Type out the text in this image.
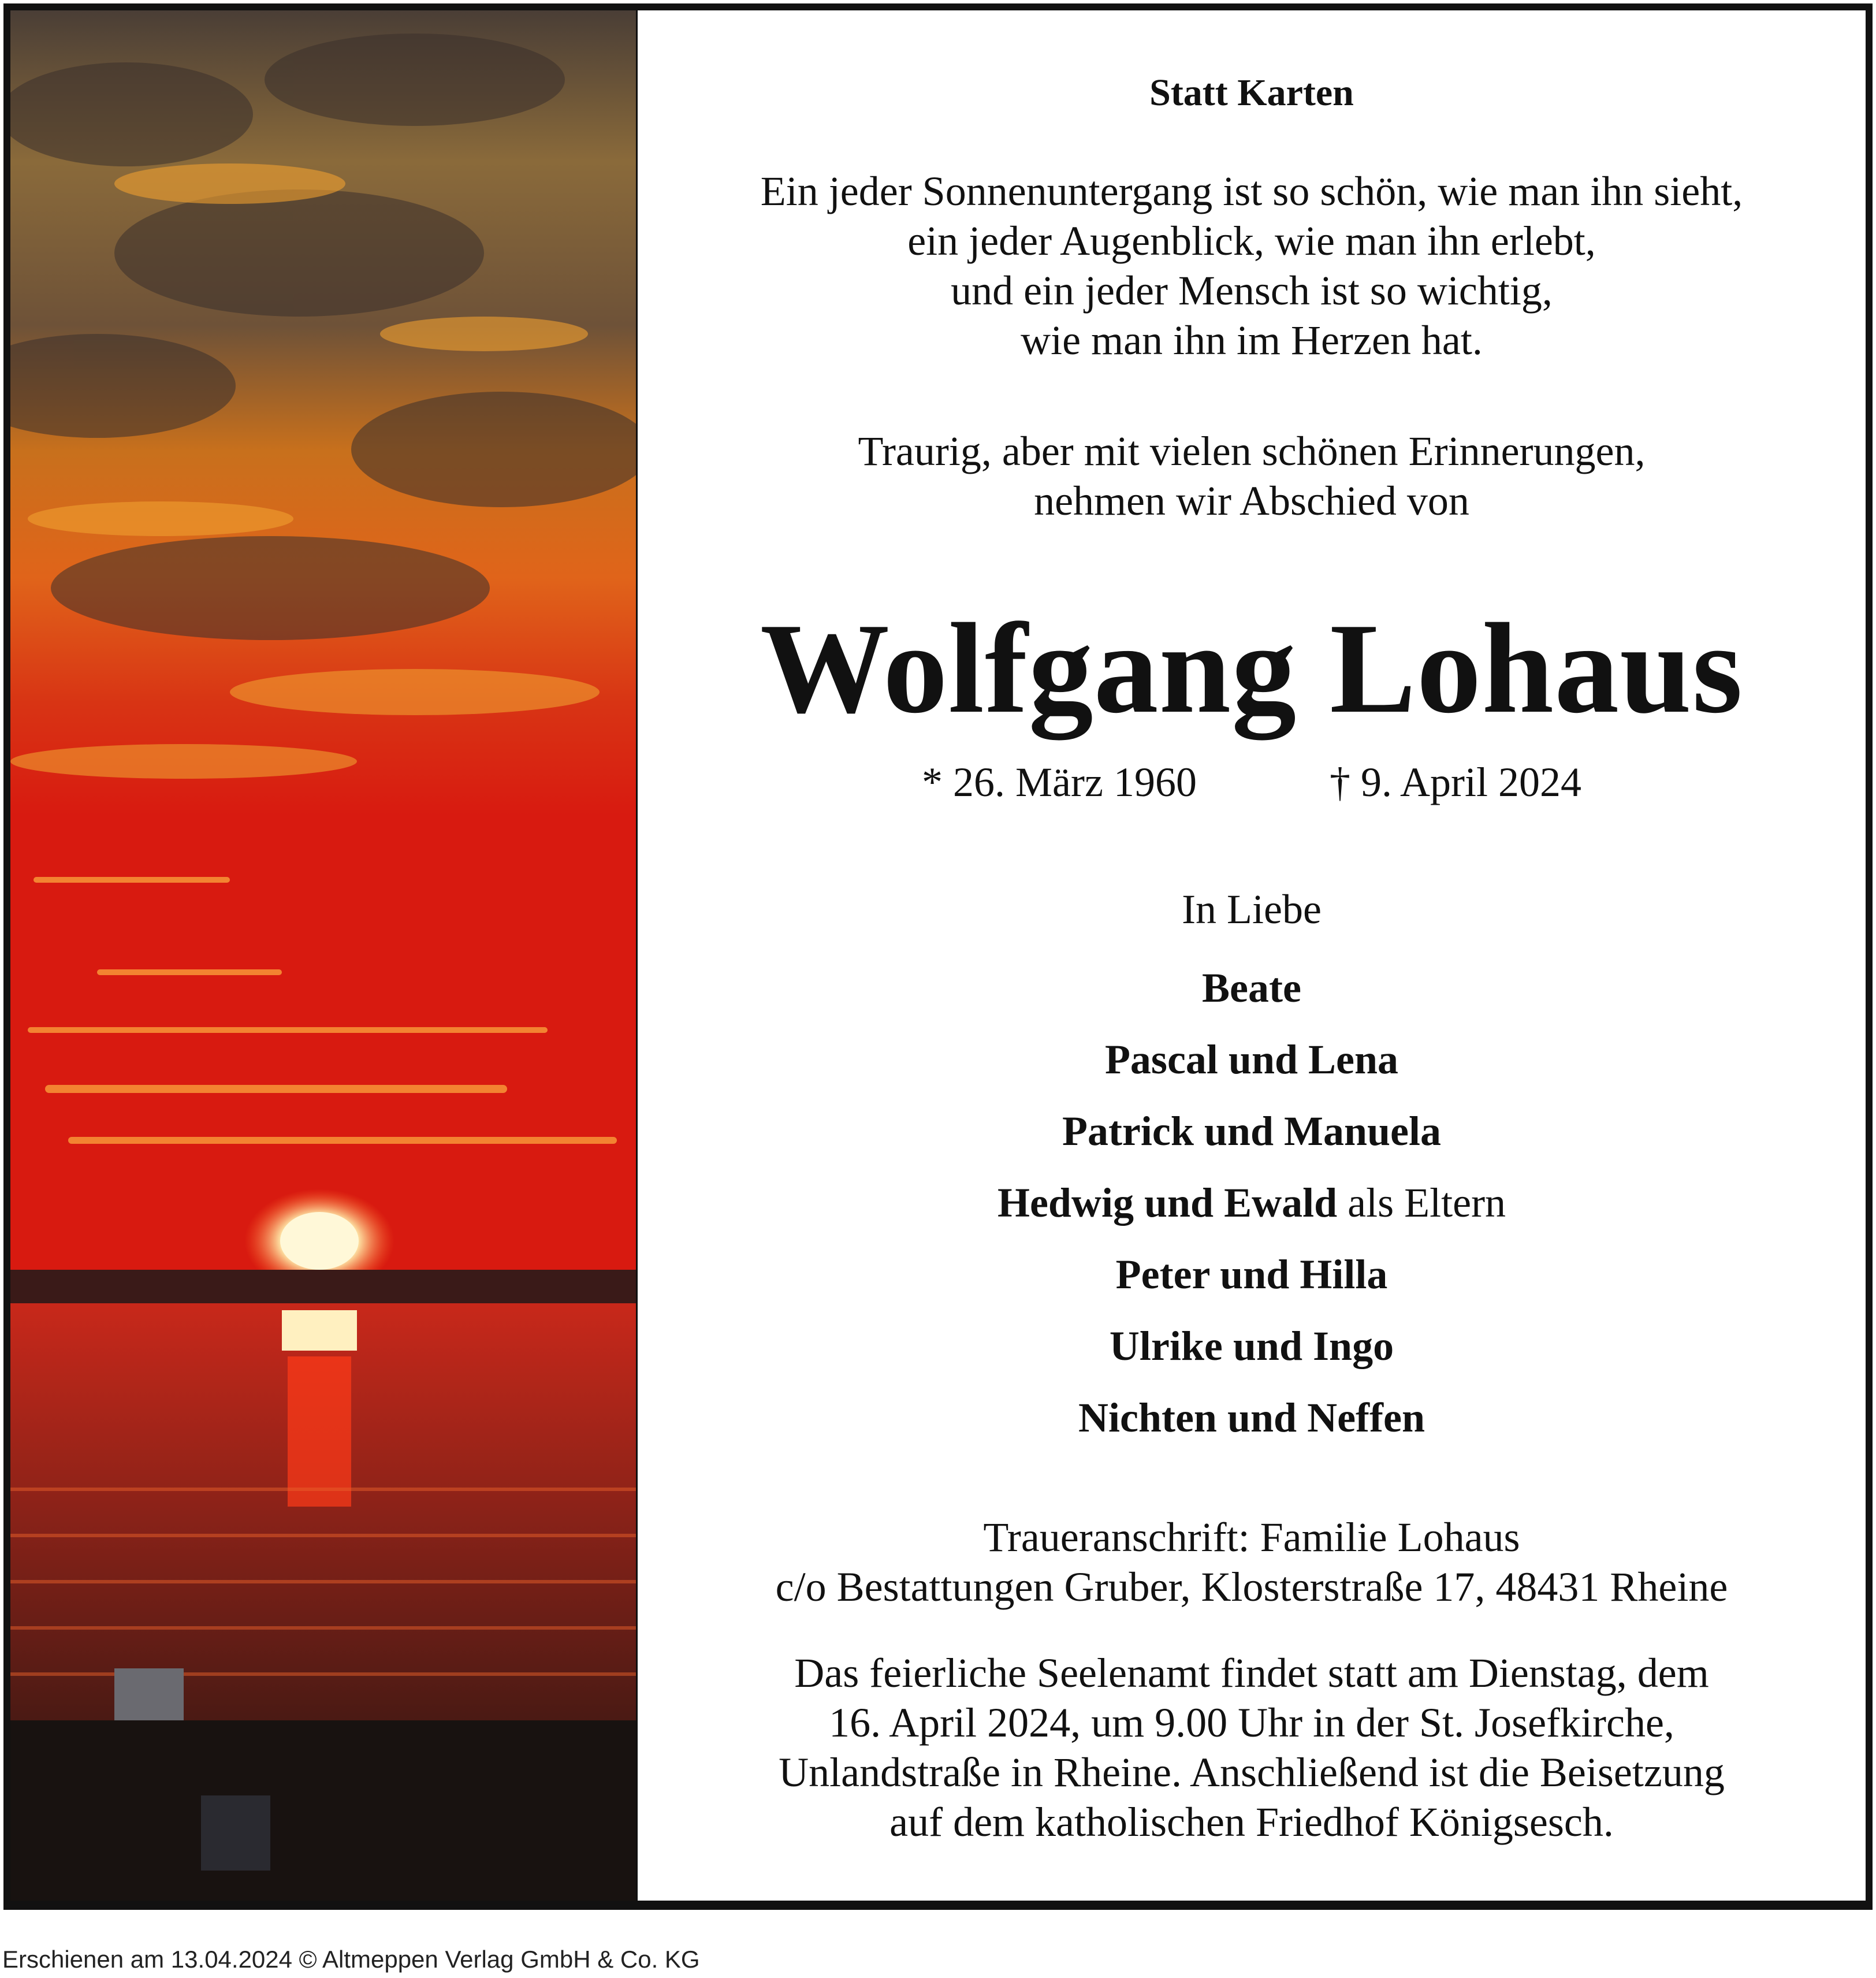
Statt Karten
Ein jeder Sonnenuntergang ist so schön, wie man ihn sieht,
ein jeder Augenblick, wie man ihn erlebt,
und ein jeder Mensch ist so wichtig,
wie man ihn im Herzen hat.
Traurig, aber mit vielen schönen Erinnerungen,
nehmen wir Abschied von
Wolfgang Lohaus
* 26. März 1960	† 9. April 2024
In Liebe
Beate
Pascal und Lena
Patrick und Manuela
Hedwig und Ewald als Eltern
Peter und Hilla
Ulrike und Ingo
Nichten und Neffen
Traueranschrift: Familie Lohaus
c/o Bestattungen Gruber, Klosterstraße 17, 48431 Rheine
Das feierliche Seelenamt findet statt am Dienstag, dem
16. April 2024, um 9.00 Uhr in der St. Josefkirche,
Unlandstraße in Rheine. Anschließend ist die Beisetzung
auf dem katholischen Friedhof Königsesch.
Erschienen am 13.04.2024 © Altmeppen Verlag GmbH & Co. KG
